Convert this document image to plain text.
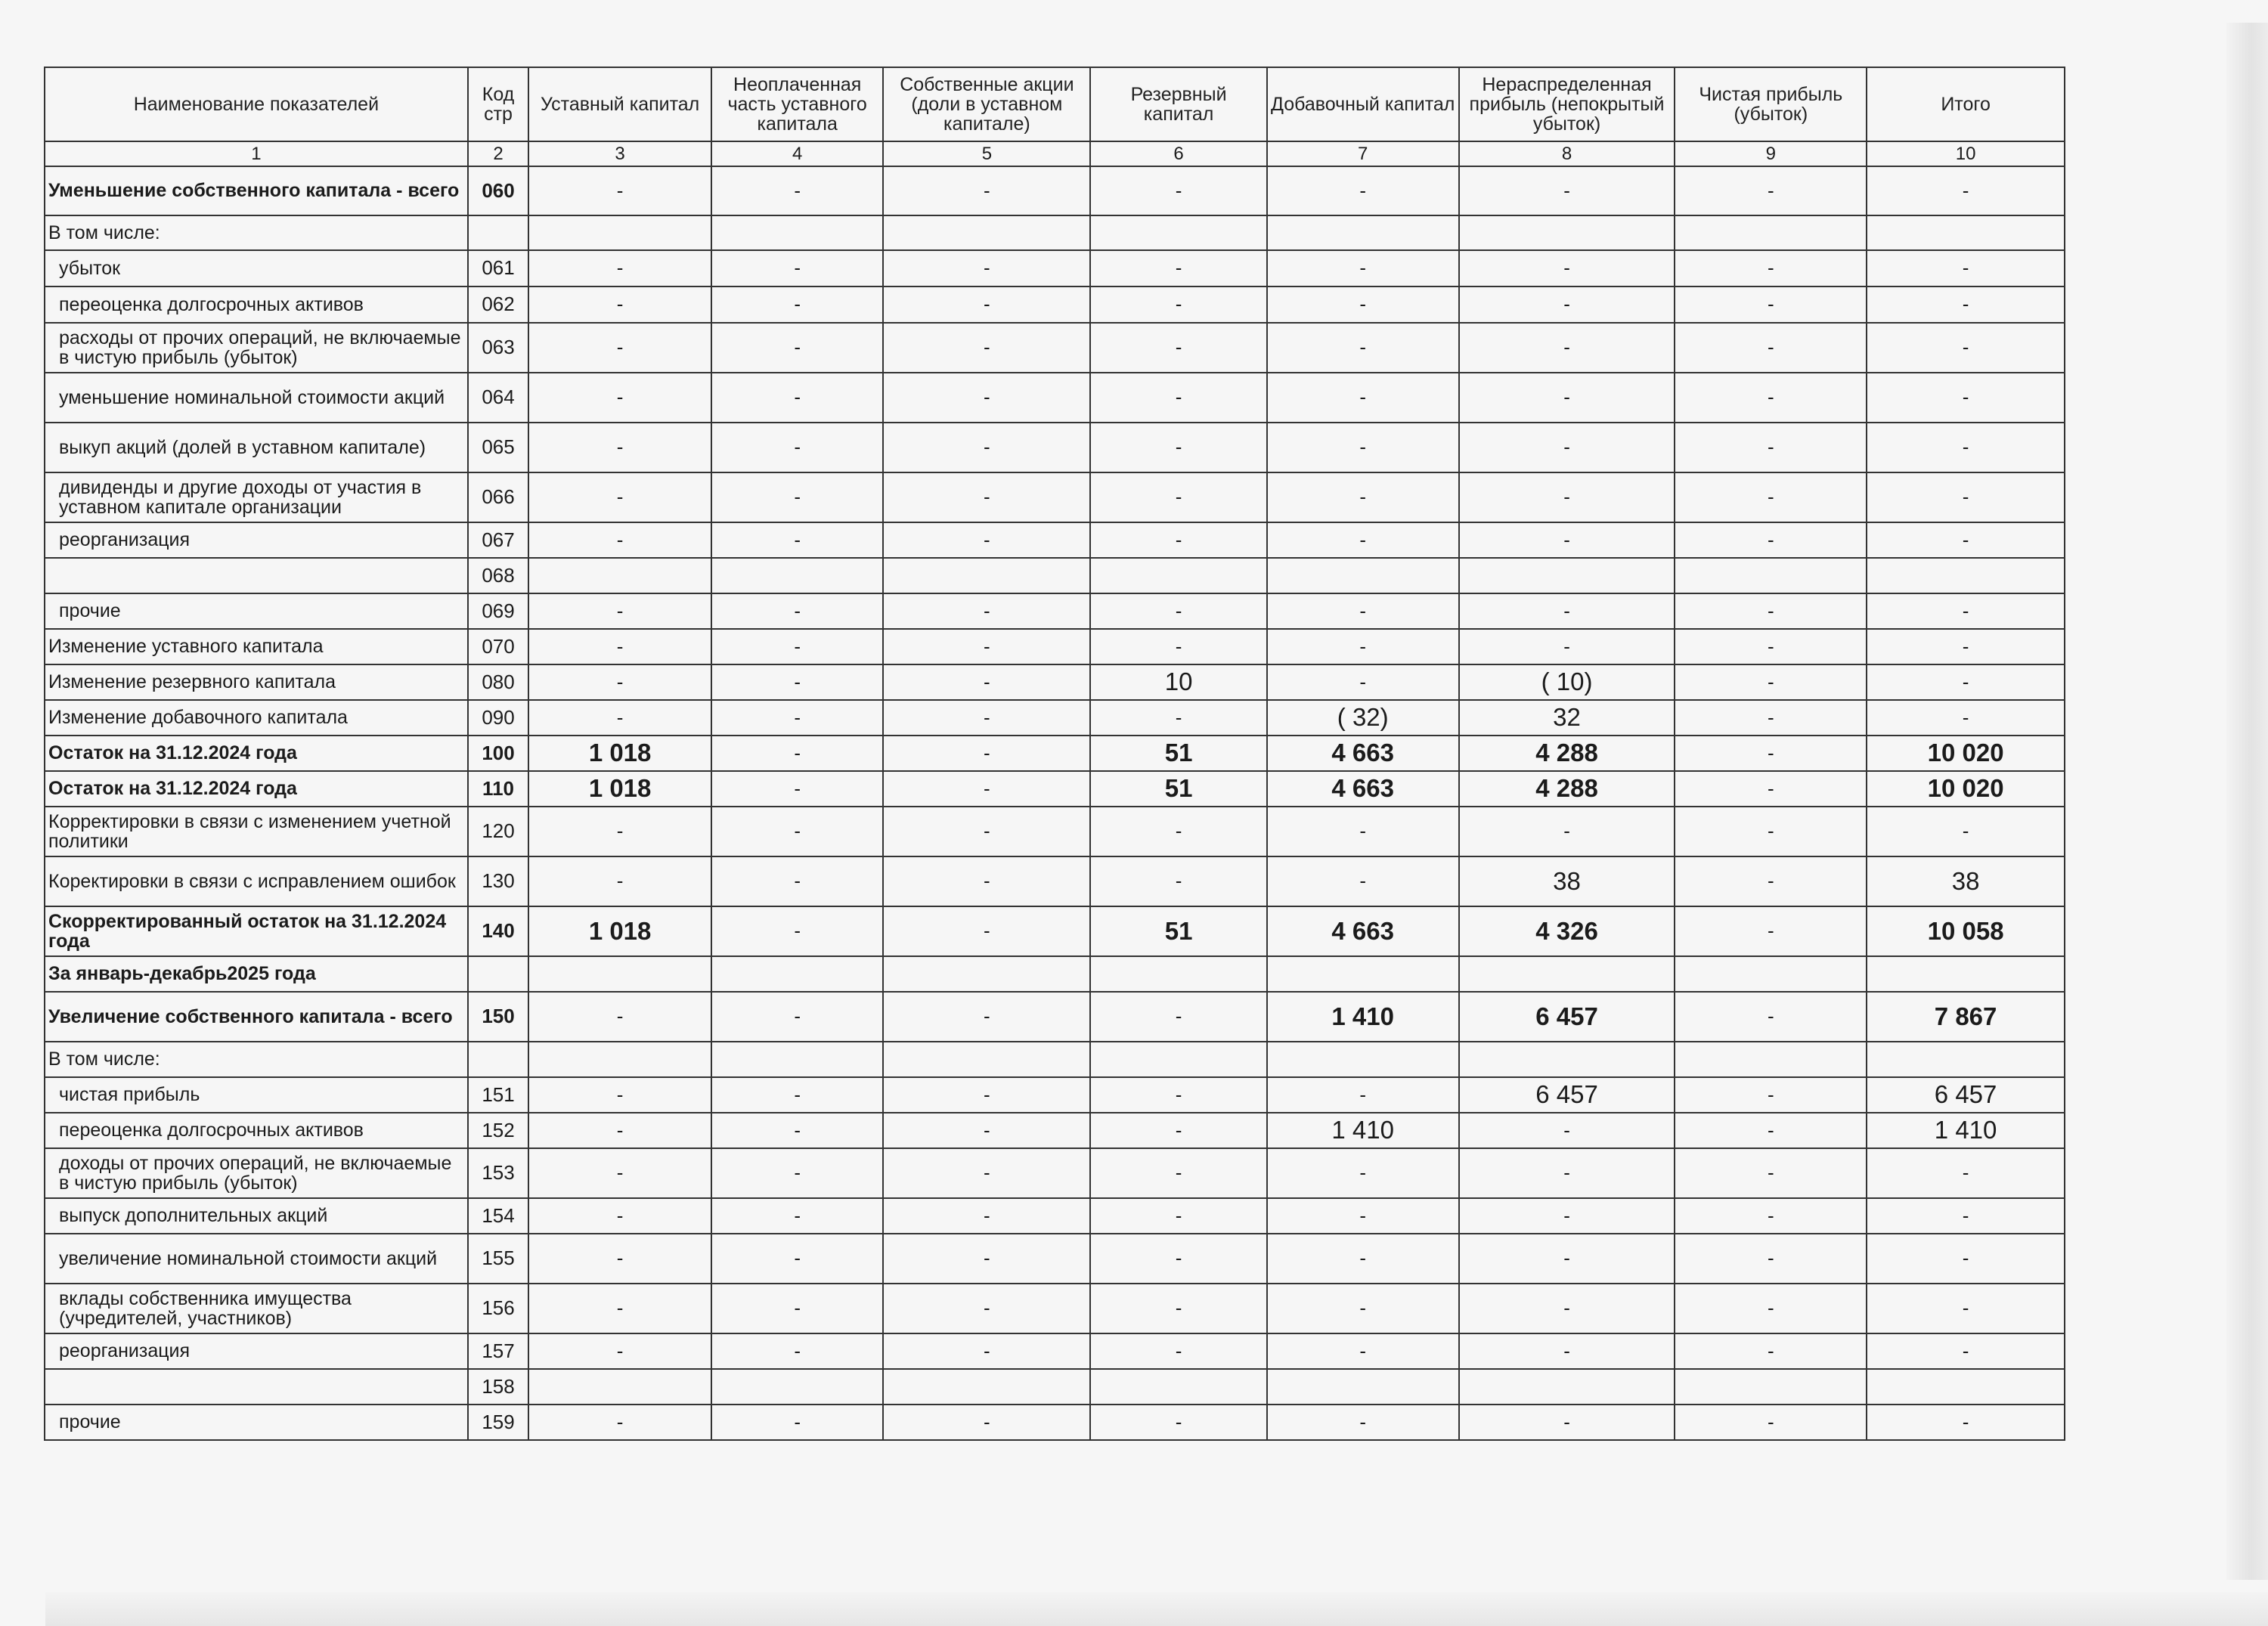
Наименование показателей	Код стр	Уставный капитал	Неоплаченная часть уставного капитала	Собственные акции (доли в уставном капитале)	Резервный капитал	Добавочный капитал	Нераспределенная прибыль (непокрытый убыток)	Чистая прибыль (убыток)	Итого
1	2	3	4	5	6	7	8	9	10
Уменьшение собственного капитала - всего	060	-	-	-	-	-	-	-	-
В том числе:									
убыток	061	-	-	-	-	-	-	-	-
переоценка долгосрочных активов	062	-	-	-	-	-	-	-	-
расходы от прочих операций, не включаемые в чистую прибыль (убыток)	063	-	-	-	-	-	-	-	-
уменьшение номинальной стоимости акций	064	-	-	-	-	-	-	-	-
выкуп акций (долей в уставном капитале)	065	-	-	-	-	-	-	-	-
дивиденды и другие доходы от участия в уставном капитале организации	066	-	-	-	-	-	-	-	-
реорганизация	067	-	-	-	-	-	-	-	-
	068								
прочие	069	-	-	-	-	-	-	-	-
Изменение уставного капитала	070	-	-	-	-	-	-	-	-
Изменение резервного капитала	080	-	-	-	10	-	( 10)	-	-
Изменение добавочного капитала	090	-	-	-	-	( 32)	32	-	-
Остаток на 31.12.2024 года	100	1 018	-	-	51	4 663	4 288	-	10 020
Остаток на 31.12.2024 года	110	1 018	-	-	51	4 663	4 288	-	10 020
Корректировки в связи с изменением учетной политики	120	-	-	-	-	-	-	-	-
Коректировки в связи с исправлением ошибок	130	-	-	-	-	-	38	-	38
Скорректированный остаток на 31.12.2024 года	140	1 018	-	-	51	4 663	4 326	-	10 058
За январь-декабрь2025 года									
Увеличение собственного капитала - всего	150	-	-	-	-	1 410	6 457	-	7 867
В том числе:									
чистая прибыль	151	-	-	-	-	-	6 457	-	6 457
переоценка долгосрочных активов	152	-	-	-	-	1 410	-	-	1 410
доходы от прочих операций, не включаемые в чистую прибыль (убыток)	153	-	-	-	-	-	-	-	-
выпуск дополнительных акций	154	-	-	-	-	-	-	-	-
увеличение номинальной стоимости акций	155	-	-	-	-	-	-	-	-
вклады собственника имущества (учредителей, участников)	156	-	-	-	-	-	-	-	-
реорганизация	157	-	-	-	-	-	-	-	-
	158								
прочие	159	-	-	-	-	-	-	-	-
